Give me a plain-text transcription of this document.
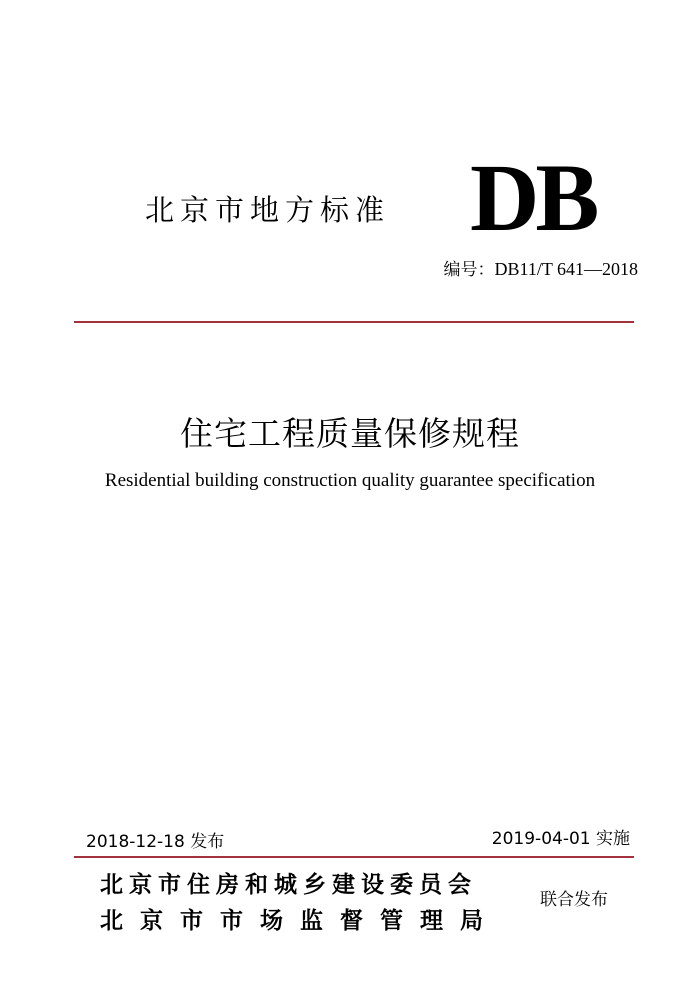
北京市地方标准 DB
编号：DB11/T 641—2018
住宅工程质量保修规程
Residential building construction quality guarantee specification
2018-12-18 发布	2019-04-01 实施
北京市住房和城乡建设委员会
北京市市场监督管理局
联合发布
